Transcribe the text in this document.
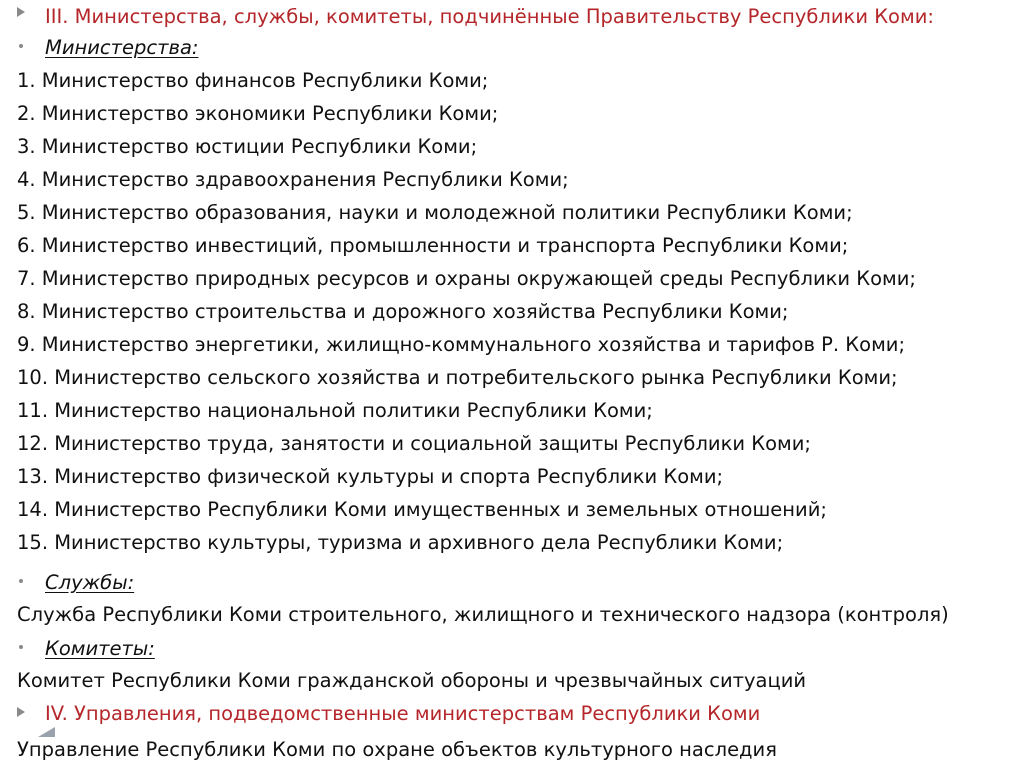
III. Министерства, службы, комитеты, подчинённые Правительству Республики Коми:
Министерства:
1. Министерство финансов Республики Коми;
2. Министерство экономики Республики Коми;
3. Министерство юстиции Республики Коми;
4. Министерство здравоохранения Республики Коми;
5. Министерство образования, науки и молодежной политики Республики Коми;
6. Министерство инвестиций, промышленности и транспорта Республики Коми;
7. Министерство природных ресурсов и охраны окружающей среды Республики Коми;
8. Министерство строительства и дорожного хозяйства Республики Коми;
9. Министерство энергетики, жилищно-коммунального хозяйства и тарифов Р. Коми;
10. Министерство сельского хозяйства и потребительского рынка Республики Коми;
11. Министерство национальной политики Республики Коми;
12. Министерство труда, занятости и социальной защиты Республики Коми;
13. Министерство физической культуры и спорта Республики Коми;
14. Министерство Республики Коми имущественных и земельных отношений;
15. Министерство культуры, туризма и архивного дела Республики Коми;
Службы:
Служба Республики Коми строительного, жилищного и технического надзора (контроля)
Комитеты:
Комитет Республики Коми гражданской обороны и чрезвычайных ситуаций
IV. Управления, подведомственные министерствам Республики Коми
Управление Республики Коми по охране объектов культурного наследия
